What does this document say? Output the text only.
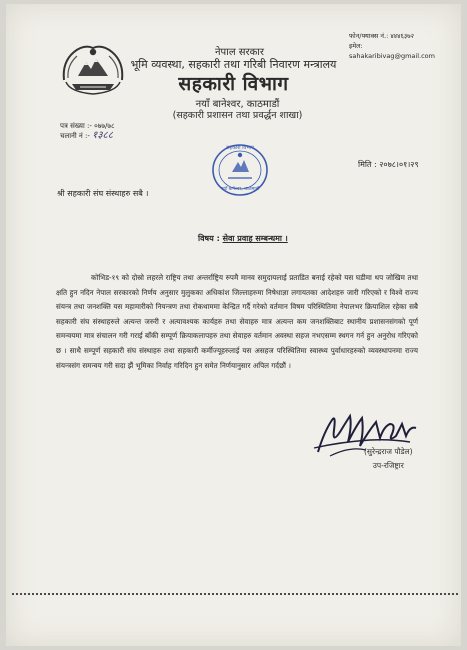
फोन/फ्याक्स नं.: ४४४६३७२
इमेल: sahakaribivag@gmail.com
नेपाल सरकार
भूमि व्यवस्था, सहकारी तथा गरिबी निवारण मन्त्रालय
सहकारी विभाग
नयाँ बानेश्वर, काठमाडौं
(सहकारी प्रशासन तथा प्रवर्द्धन शाखा)
पत्र संख्या :- ०७७/७८
चलानी नं :- १३८८
सहकारी विभाग
नयाँ बानेश्वर, काठमाडौं
मिति : २०७८।०१।२९
श्री सहकारी संघ संस्थाहरु सबै ।
विषय : सेवा प्रवाह सम्बन्धमा ।

कोभिड-१९ को दोस्रो लहरले राष्ट्रिय तथा अन्तर्राष्ट्रिय रुपमै मानव समुदायलाई प्रताडित बनाई रहेको यस घडीमा थप जोखिम तथा क्षति हुन नदिन नेपाल सरकारको निर्णय अनुसार मुलुकका अधिकांश जिल्लाहरुमा निषेधाज्ञा लगायतका आदेशहरु जारी गरिएको र विश्वे राज्य संयन्त्र तथा जनशक्ति यस महामारीको नियन्त्रण तथा रोकथाममा केन्द्रित गर्दै गरेको वर्तमान विषम परिस्थितिमा नेपालभर क्रियाशिल रहेका सबै सहकारी संघ संस्थाहरुले अत्यन्त जरुरी र अत्यावश्यक कार्यहरु तथा सेवाहरु मात्र अत्यन्त कम जनशक्तिबाट स्थानीय प्रशासनसंगको पूर्ण समन्वयमा मात्र संचालन गरी गराई बाँकी सम्पूर्ण क्रियाकलापहरु तथा सेवाहरु वर्तमान अवस्था सहज नभएसम्म स्थगन गर्न हुन अनुरोध गरिएको छ । साथै सम्पूर्ण सहकारी संघ संस्थाहरु तथा सहकारी कर्मीज्यूहरुलाई यस असहज परिस्थितिमा स्वास्थ्य पुर्वाधारहरुको व्यवस्थापनमा राज्य संयन्त्रसंग समन्वय गरी सदा झैं भूमिका निर्वाह गरिदिन हुन समेत निर्णयानुसार अपिल गर्दछौं ।

(सुरेन्द्रराज पौडेल)
उप-रजिष्ट्रार
